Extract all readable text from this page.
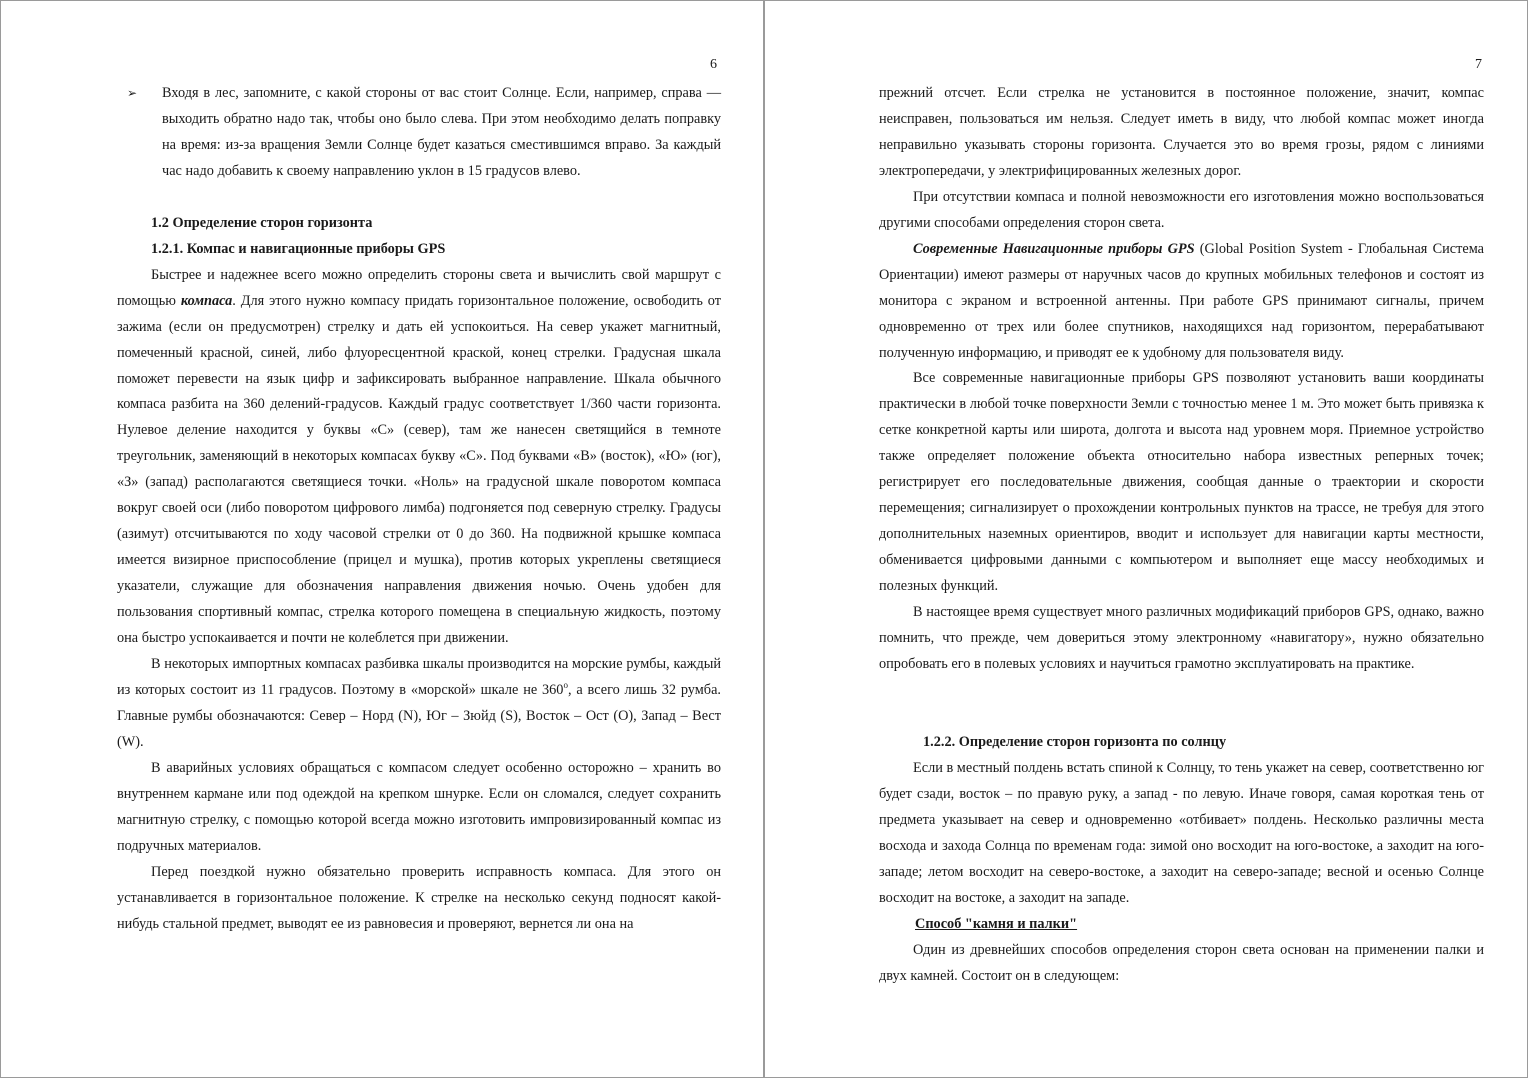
6

➢ Входя в лес, запомните, с какой стороны от вас стоит Солнце. Если, например, справа — выходить обратно надо так, чтобы оно было слева. При этом необходимо делать поправку на время: из-за вращения Земли Солнце будет казаться сместившимся вправо. За каждый час надо добавить к своему направлению уклон в 15 градусов влево.

1.2 Определение сторон горизонта

1.2.1. Компас и навигационные приборы GPS

Быстрее и надежнее всего можно определить стороны света и вычислить свой маршрут с помощью компаса. Для этого нужно компасу придать горизонтальное положение, освободить от зажима (если он предусмотрен) стрелку и дать ей успокоиться. На север укажет магнитный, помеченный красной, синей, либо флуоресцентной краской, конец стрелки. Градусная шкала поможет перевести на язык цифр и зафиксировать выбранное направление. Шкала обычного компаса разбита на 360 делений-градусов. Каждый градус соответствует 1/360 части горизонта. Нулевое деление находится у буквы «С» (север), там же нанесен светящийся в темноте треугольник, заменяющий в некоторых компасах букву «С». Под буквами «В» (восток), «Ю» (юг), «З» (запад) располагаются светящиеся точки. «Ноль» на градусной шкале поворотом компаса вокруг своей оси (либо поворотом цифрового лимба) подгоняется под северную стрелку. Градусы (азимут) отсчитываются по ходу часовой стрелки от 0 до 360. На подвижной крышке компаса имеется визирное приспособление (прицел и мушка), против которых укреплены светящиеся указатели, служащие для обозначения направления движения ночью. Очень удобен для пользования спортивный компас, стрелка которого помещена в специальную жидкость, поэтому она быстро успокаивается и почти не колеблется при движении.

В некоторых импортных компасах разбивка шкалы производится на морские румбы, каждый из которых состоит из 11 градусов. Поэтому в «морской» шкале не $360^о$, а всего лишь 32 румба. Главные румбы обозначаются: Север – Норд (N), Юг – Зюйд (S), Восток – Ост (О), Запад – Вест (W).

В аварийных условиях обращаться с компасом следует особенно осторожно – хранить во внутреннем кармане или под одеждой на крепком шнурке. Если он сломался, следует сохранить магнитную стрелку, с помощью которой всегда можно изготовить импровизированный компас из подручных материалов.

Перед поездкой нужно обязательно проверить исправность компаса. Для этого он устанавливается в горизонтальное положение. К стрелке на несколько секунд подносят какой-нибудь стальной предмет, выводят ее из равновесия и проверяют, вернется ли она на

7

прежний отсчет. Если стрелка не установится в постоянное положение, значит, компас неисправен, пользоваться им нельзя. Следует иметь в виду, что любой компас может иногда неправильно указывать стороны горизонта. Случается это во время грозы, рядом с линиями электропередачи, у электрифицированных железных дорог.

При отсутствии компаса и полной невозможности его изготовления можно воспользоваться другими способами определения сторон света.

Современные Навигационные приборы GPS (Global Position System - Глобальная Система Ориентации) имеют размеры от наручных часов до крупных мобильных телефонов и состоят из монитора с экраном и встроенной антенны. При работе GPS принимают сигналы, причем одновременно от трех или более спутников, находящихся над горизонтом, перерабатывают полученную информацию, и приводят ее к удобному для пользователя виду.

Все современные навигационные приборы GPS позволяют установить ваши координаты практически в любой точке поверхности Земли с точностью менее 1 м. Это может быть привязка к сетке конкретной карты или широта, долгота и высота над уровнем моря. Приемное устройство также определяет положение объекта относительно набора известных реперных точек; регистрирует его последовательные движения, сообщая данные о траектории и скорости перемещения; сигнализирует о прохождении контрольных пунктов на трассе, не требуя для этого дополнительных наземных ориентиров, вводит и использует для навигации карты местности, обменивается цифровыми данными с компьютером и выполняет еще массу необходимых и полезных функций.

В настоящее время существует много различных модификаций приборов GPS, однако, важно помнить, что прежде, чем довериться этому электронному «навигатору», нужно обязательно опробовать его в полевых условиях и научиться грамотно эксплуатировать на практике.

1.2.2. Определение сторон горизонта по солнцу

Если в местный полдень встать спиной к Солнцу, то тень укажет на север, соответственно юг будет сзади, восток – по правую руку, а запад - по левую. Иначе говоря, самая короткая тень от предмета указывает на север и одновременно «отбивает» полдень. Несколько различны места восхода и захода Солнца по временам года: зимой оно восходит на юго-востоке, а заходит на юго-западе; летом восходит на северо-востоке, а заходит на северо-западе; весной и осенью Солнце восходит на востоке, а заходит на западе.

Способ "камня и палки"

Один из древнейших способов определения сторон света основан на применении палки и двух камней. Состоит он в следующем:
